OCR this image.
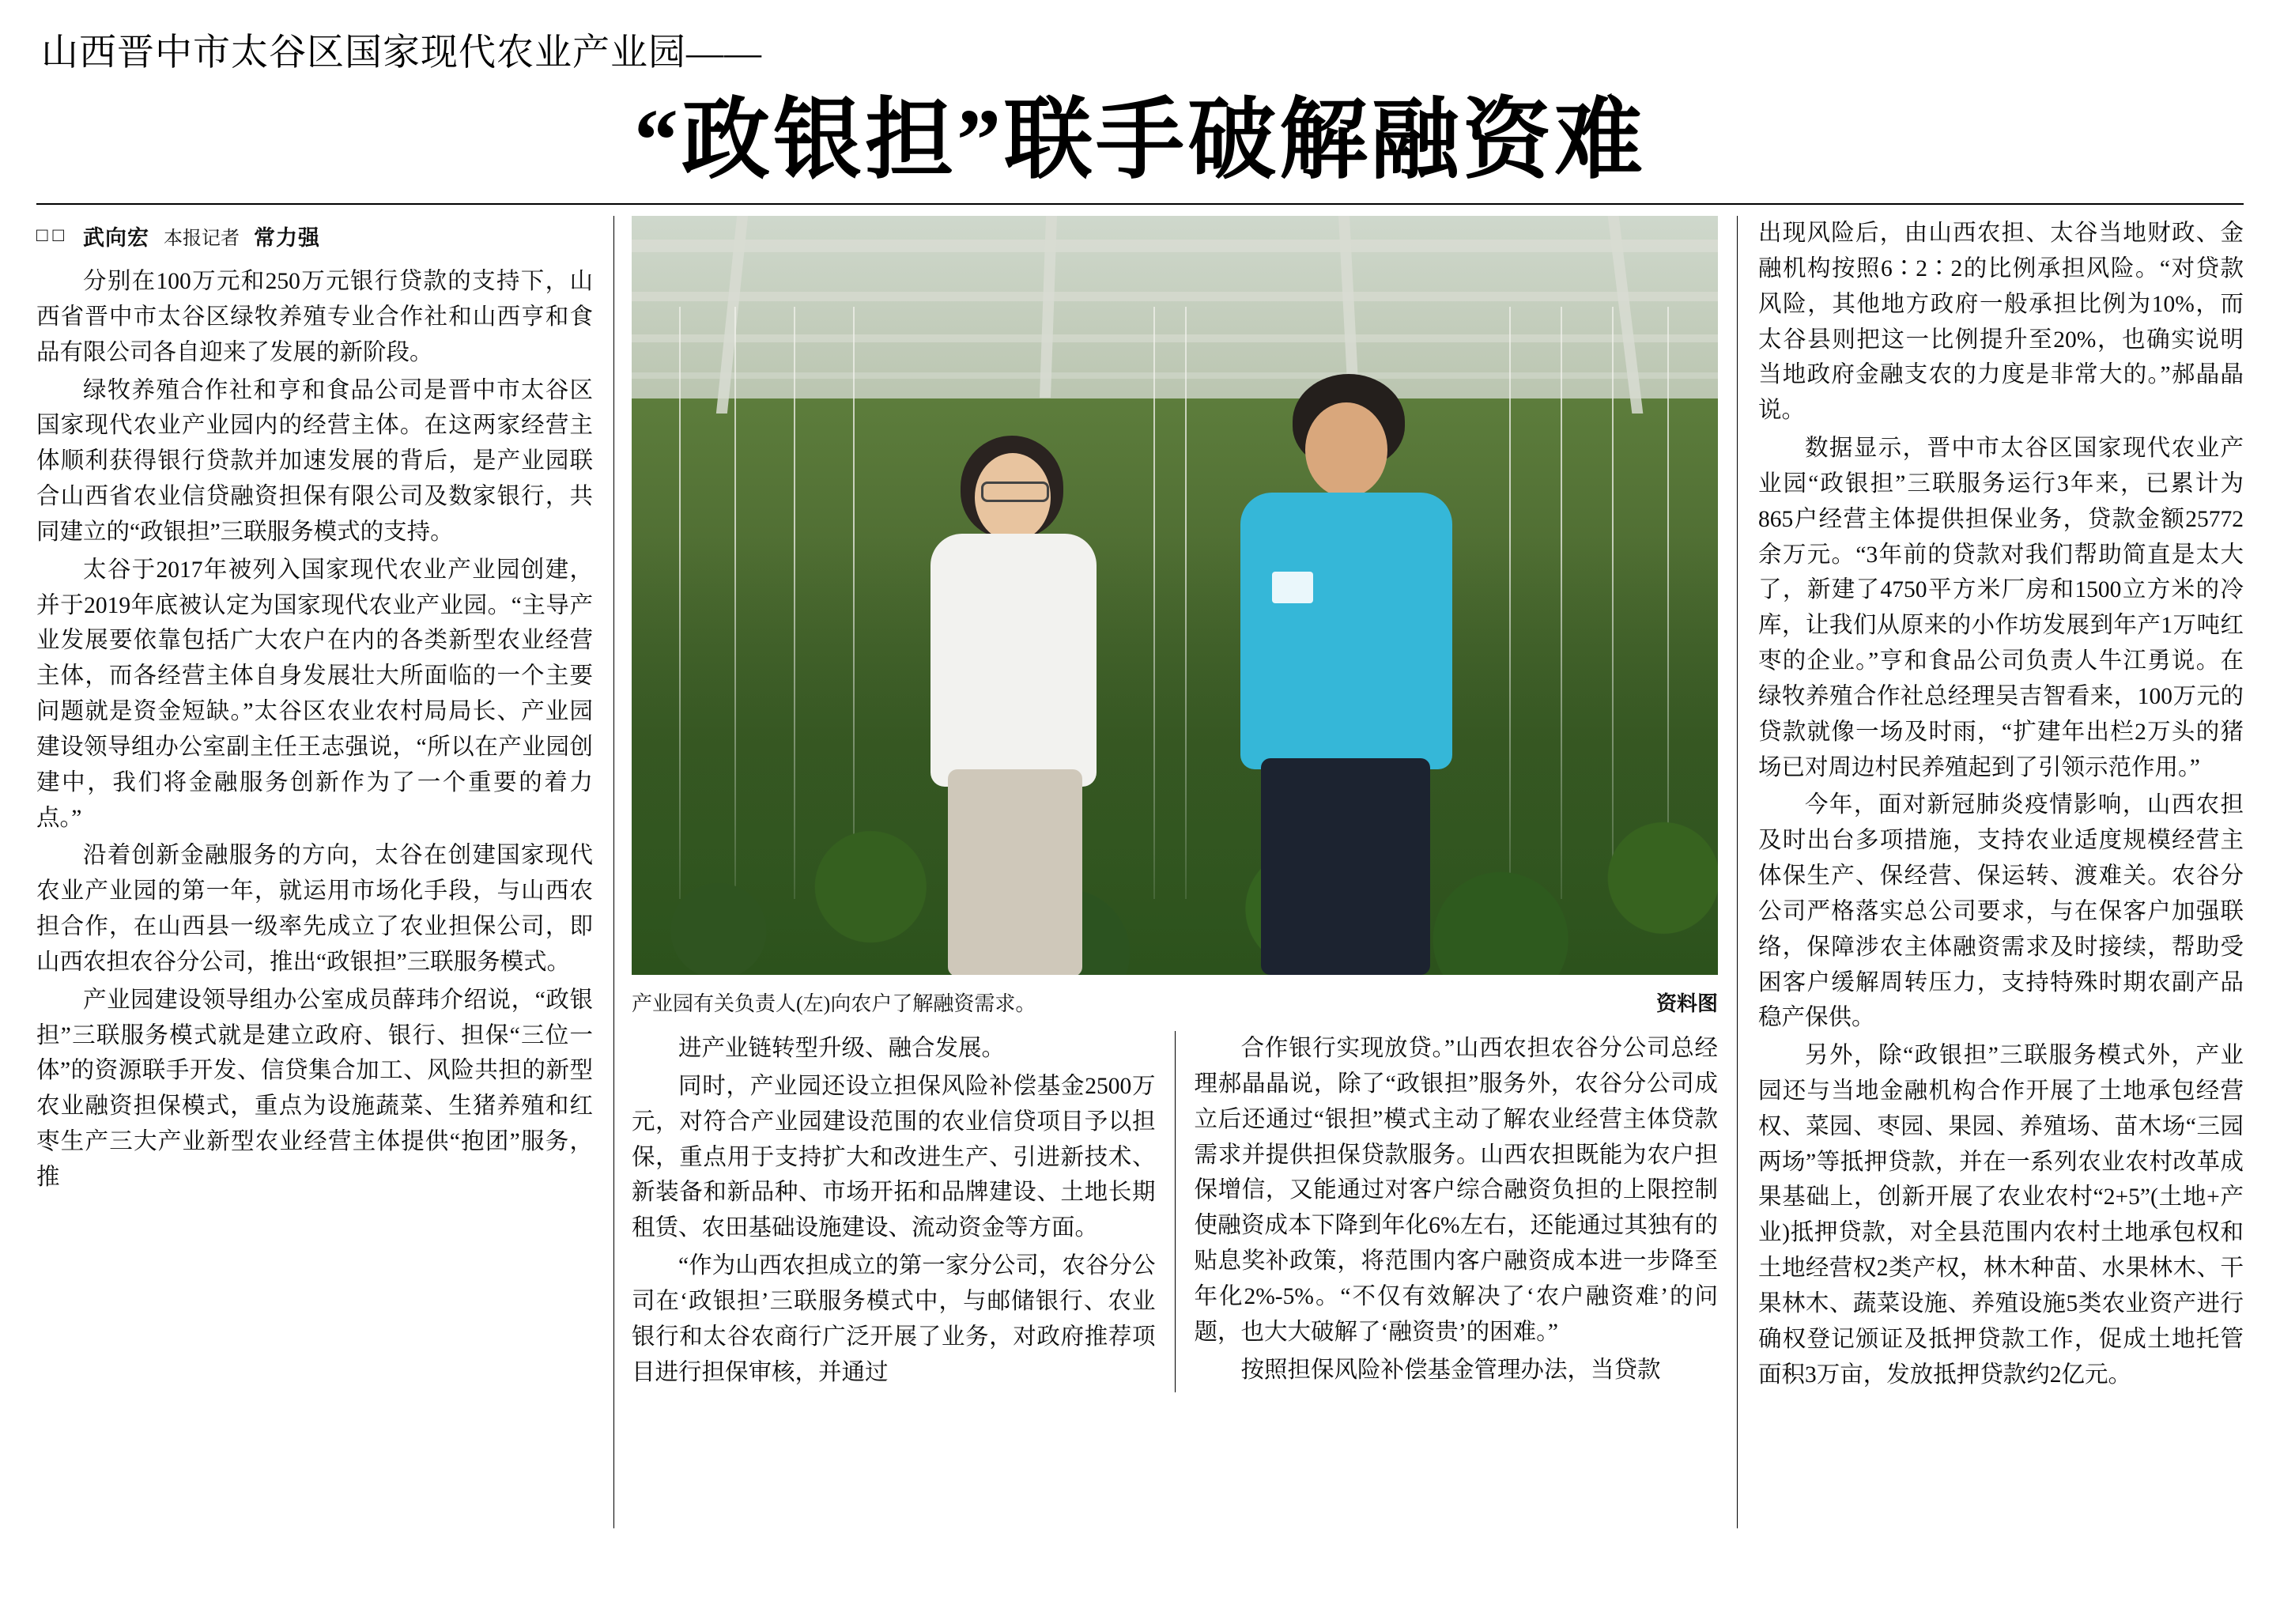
山西晋中市太谷区国家现代农业产业园——
“政银担”联手破解融资难
□□ 武向宏 本报记者 常力强

分别在100万元和250万元银行贷款的支持下，山西省晋中市太谷区绿牧养殖专业合作社和山西亨和食品有限公司各自迎来了发展的新阶段。

绿牧养殖合作社和亨和食品公司是晋中市太谷区国家现代农业产业园内的经营主体。在这两家经营主体顺利获得银行贷款并加速发展的背后，是产业园联合山西省农业信贷融资担保有限公司及数家银行，共同建立的“政银担”三联服务模式的支持。

太谷于2017年被列入国家现代农业产业园创建，并于2019年底被认定为国家现代农业产业园。“主导产业发展要依靠包括广大农户在内的各类新型农业经营主体，而各经营主体自身发展壮大所面临的一个主要问题就是资金短缺。”太谷区农业农村局局长、产业园建设领导组办公室副主任王志强说，“所以在产业园创建中，我们将金融服务创新作为了一个重要的着力点。”

沿着创新金融服务的方向，太谷在创建国家现代农业产业园的第一年，就运用市场化手段，与山西农担合作，在山西县一级率先成立了农业担保公司，即山西农担农谷分公司，推出“政银担”三联服务模式。

产业园建设领导组办公室成员薛玮介绍说，“政银担”三联服务模式就是建立政府、银行、担保“三位一体”的资源联手开发、信贷集合加工、风险共担的新型农业融资担保模式，重点为设施蔬菜、生猪养殖和红枣生产三大产业新型农业经营主体提供“抱团”服务，推

产业园有关负责人(左)向农户了解融资需求。	资料图

进产业链转型升级、融合发展。

同时，产业园还设立担保风险补偿基金2500万元，对符合产业园建设范围的农业信贷项目予以担保，重点用于支持扩大和改进生产、引进新技术、新装备和新品种、市场开拓和品牌建设、土地长期租赁、农田基础设施建设、流动资金等方面。

“作为山西农担成立的第一家分公司，农谷分公司在‘政银担’三联服务模式中，与邮储银行、农业银行和太谷农商行广泛开展了业务，对政府推荐项目进行担保审核，并通过

合作银行实现放贷。”山西农担农谷分公司总经理郝晶晶说，除了“政银担”服务外，农谷分公司成立后还通过“银担”模式主动了解农业经营主体贷款需求并提供担保贷款服务。山西农担既能为农户担保增信，又能通过对客户综合融资负担的上限控制使融资成本下降到年化6%左右，还能通过其独有的贴息奖补政策，将范围内客户融资成本进一步降至年化2%-5%。“不仅有效解决了‘农户融资难’的问题，也大大破解了‘融资贵’的困难。”

按照担保风险补偿基金管理办法，当贷款

出现风险后，由山西农担、太谷当地财政、金融机构按照6∶2∶2的比例承担风险。“对贷款风险，其他地方政府一般承担比例为10%，而太谷县则把这一比例提升至20%，也确实说明当地政府金融支农的力度是非常大的。”郝晶晶说。

数据显示，晋中市太谷区国家现代农业产业园“政银担”三联服务运行3年来，已累计为865户经营主体提供担保业务，贷款金额25772余万元。“3年前的贷款对我们帮助简直是太大了，新建了4750平方米厂房和1500立方米的冷库，让我们从原来的小作坊发展到年产1万吨红枣的企业。”亨和食品公司负责人牛江勇说。在绿牧养殖合作社总经理吴吉智看来，100万元的贷款就像一场及时雨，“扩建年出栏2万头的猪场已对周边村民养殖起到了引领示范作用。”

今年，面对新冠肺炎疫情影响，山西农担及时出台多项措施，支持农业适度规模经营主体保生产、保经营、保运转、渡难关。农谷分公司严格落实总公司要求，与在保客户加强联络，保障涉农主体融资需求及时接续，帮助受困客户缓解周转压力，支持特殊时期农副产品稳产保供。

另外，除“政银担”三联服务模式外，产业园还与当地金融机构合作开展了土地承包经营权、菜园、枣园、果园、养殖场、苗木场“三园两场”等抵押贷款，并在一系列农业农村改革成果基础上，创新开展了农业农村“2+5”(土地+产业)抵押贷款，对全县范围内农村土地承包权和土地经营权2类产权，林木种苗、水果林木、干果林木、蔬菜设施、养殖设施5类农业资产进行确权登记颁证及抵押贷款工作，促成土地托管面积3万亩，发放抵押贷款约2亿元。
